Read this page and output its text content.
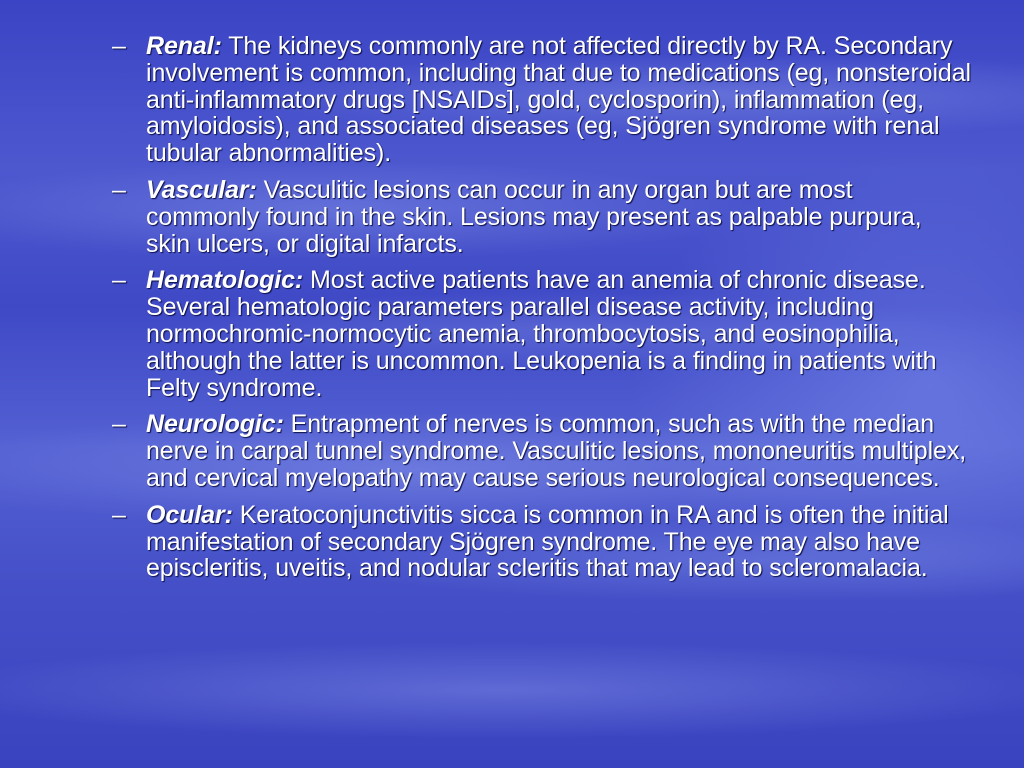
– Renal: The kidneys commonly are not affected directly by RA. Secondary involvement is common, including that due to medications (eg, nonsteroidal anti-inflammatory drugs [NSAIDs], gold, cyclosporin), inflammation (eg, amyloidosis), and associated diseases (eg, Sjögren syndrome with renal tubular abnormalities).
– Vascular: Vasculitic lesions can occur in any organ but are most commonly found in the skin. Lesions may present as palpable purpura, skin ulcers, or digital infarcts.
– Hematologic: Most active patients have an anemia of chronic disease. Several hematologic parameters parallel disease activity, including normochromic-normocytic anemia, thrombocytosis, and eosinophilia, although the latter is uncommon. Leukopenia is a finding in patients with Felty syndrome.
– Neurologic: Entrapment of nerves is common, such as with the median nerve in carpal tunnel syndrome. Vasculitic lesions, mononeuritis multiplex, and cervical myelopathy may cause serious neurological consequences.
– Ocular: Keratoconjunctivitis sicca is common in RA and is often the initial manifestation of secondary Sjögren syndrome. The eye may also have episcleritis, uveitis, and nodular scleritis that may lead to scleromalacia.
